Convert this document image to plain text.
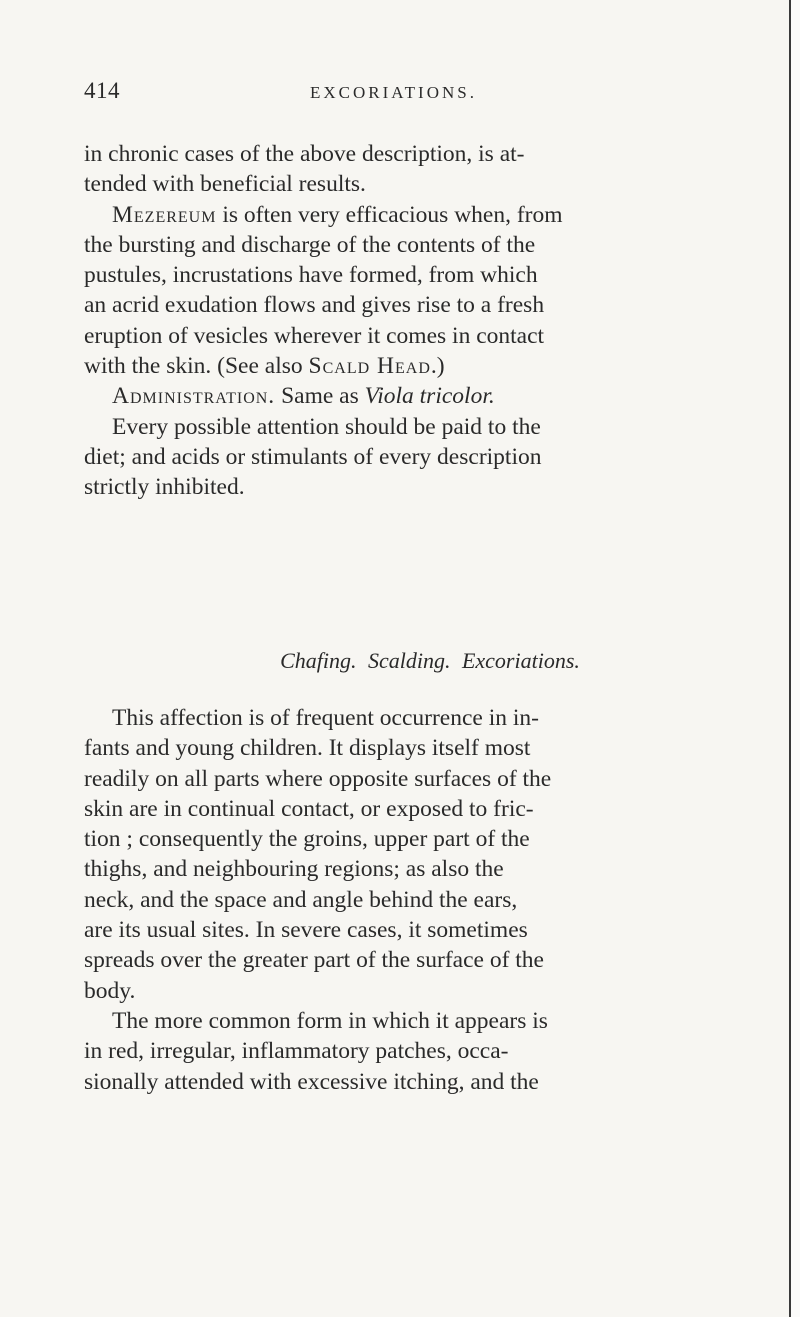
414	EXCORIATIONS.
in chronic cases of the above description, is at-
tended with beneficial results.
Mezereum is often very efficacious when, from
the bursting and discharge of the contents of the
pustules, incrustations have formed, from which
an acrid exudation flows and gives rise to a fresh
eruption of vesicles wherever it comes in contact
with the skin. (See also Scald Head.)
Administration. Same as Viola tricolor.
Every possible attention should be paid to the
diet; and acids or stimulants of every description
strictly inhibited.
Chafing. Scalding. Excoriations.
This affection is of frequent occurrence in in-
fants and young children. It displays itself most
readily on all parts where opposite surfaces of the
skin are in continual contact, or exposed to fric-
tion ; consequently the groins, upper part of the
thighs, and neighbouring regions; as also the
neck, and the space and angle behind the ears,
are its usual sites. In severe cases, it sometimes
spreads over the greater part of the surface of the
body.
The more common form in which it appears is
in red, irregular, inflammatory patches, occa-
sionally attended with excessive itching, and the
